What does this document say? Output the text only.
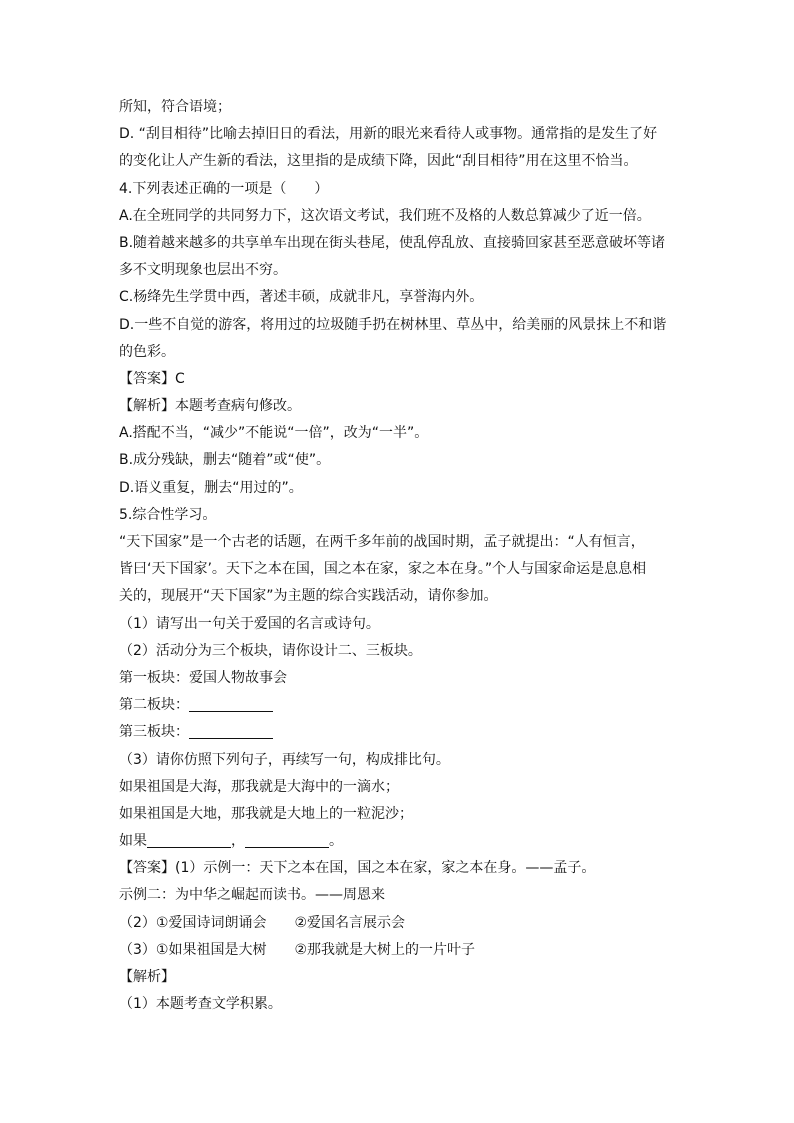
所知，符合语境；
D. “刮目相待”比喻去掉旧日的看法，用新的眼光来看待人或事物。通常指的是发生了好
的变化让人产生新的看法，这里指的是成绩下降，因此“刮目相待”用在这里不恰当。
4.下列表述正确的一项是（　　）
A.在全班同学的共同努力下，这次语文考试，我们班不及格的人数总算减少了近一倍。
B.随着越来越多的共享单车出现在街头巷尾，使乱停乱放、直接骑回家甚至恶意破坏等诸
多不文明现象也层出不穷。
C.杨绛先生学贯中西，著述丰硕，成就非凡，享誉海内外。
D.一些不自觉的游客，将用过的垃圾随手扔在树林里、草丛中，给美丽的风景抹上不和谐
的色彩。
【答案】C
【解析】本题考查病句修改。
A.搭配不当，“减少”不能说“一倍”，改为“一半”。
B.成分残缺，删去“随着”或“使”。
D.语义重复，删去“用过的”。
5.综合性学习。
“天下国家”是一个古老的话题，在两千多年前的战国时期，孟子就提出：“人有恒言，
皆曰‘天下国家’。天下之本在国，国之本在家，家之本在身。”个人与国家命运是息息相
关的，现展开“天下国家”为主题的综合实践活动，请你参加。
（1）请写出一句关于爱国的名言或诗句。
（2）活动分为三个板块，请你设计二、三板块。
第一板块：爱国人物故事会
第二板块：
第三板块：
（3）请你仿照下列句子，再续写一句，构成排比句。
如果祖国是大海，那我就是大海中的一滴水；
如果祖国是大地，那我就是大地上的一粒泥沙；
如果	，	。
【答案】(1）示例一：天下之本在国，国之本在家，家之本在身。——孟子。
示例二：为中华之崛起而读书。——周恩来
（2）①爱国诗词朗诵会　　②爱国名言展示会
（3）①如果祖国是大树　　②那我就是大树上的一片叶子
【解析】
（1）本题考查文学积累。
